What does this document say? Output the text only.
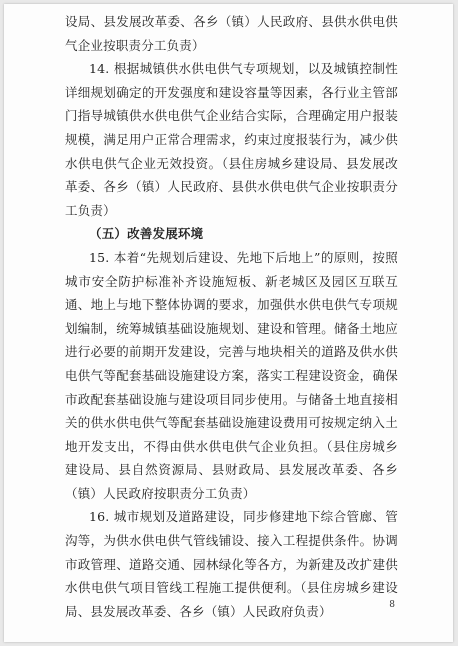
设局、县发展改革委、各乡（镇）人民政府、县供水供电供气企业按职责分工负责）

14. 根据城镇供水供电供气专项规划，以及城镇控制性详细规划确定的开发强度和建设容量等因素，各行业主管部门指导城镇供水供电供气企业结合实际，合理确定用户报装规模，满足用户正常合理需求，约束过度报装行为，减少供水供电供气企业无效投资。（县住房城乡建设局、县发展改革委、各乡（镇）人民政府、县供水供电供气企业按职责分工负责）

（五）改善发展环境

15. 本着“先规划后建设、先地下后地上”的原则，按照城市安全防护标准补齐设施短板、新老城区及园区互联互通、地上与地下整体协调的要求，加强供水供电供气专项规划编制，统筹城镇基础设施规划、建设和管理。储备土地应进行必要的前期开发建设，完善与地块相关的道路及供水供电供气等配套基础设施建设方案，落实工程建设资金，确保市政配套基础设施与建设项目同步使用。与储备土地直接相关的供水供电供气等配套基础设施建设费用可按规定纳入土地开发支出，不得由供水供电供气企业负担。（县住房城乡建设局、县自然资源局、县财政局、县发展改革委、各乡（镇）人民政府按职责分工负责）

16. 城市规划及道路建设，同步修建地下综合管廊、管沟等，为供水供电供气管线铺设、接入工程提供条件。协调市政管理、道路交通、园林绿化等各方，为新建及改扩建供水供电供气项目管线工程施工提供便利。（县住房城乡建设局、县发展改革委、各乡（镇）人民政府负责）	8
